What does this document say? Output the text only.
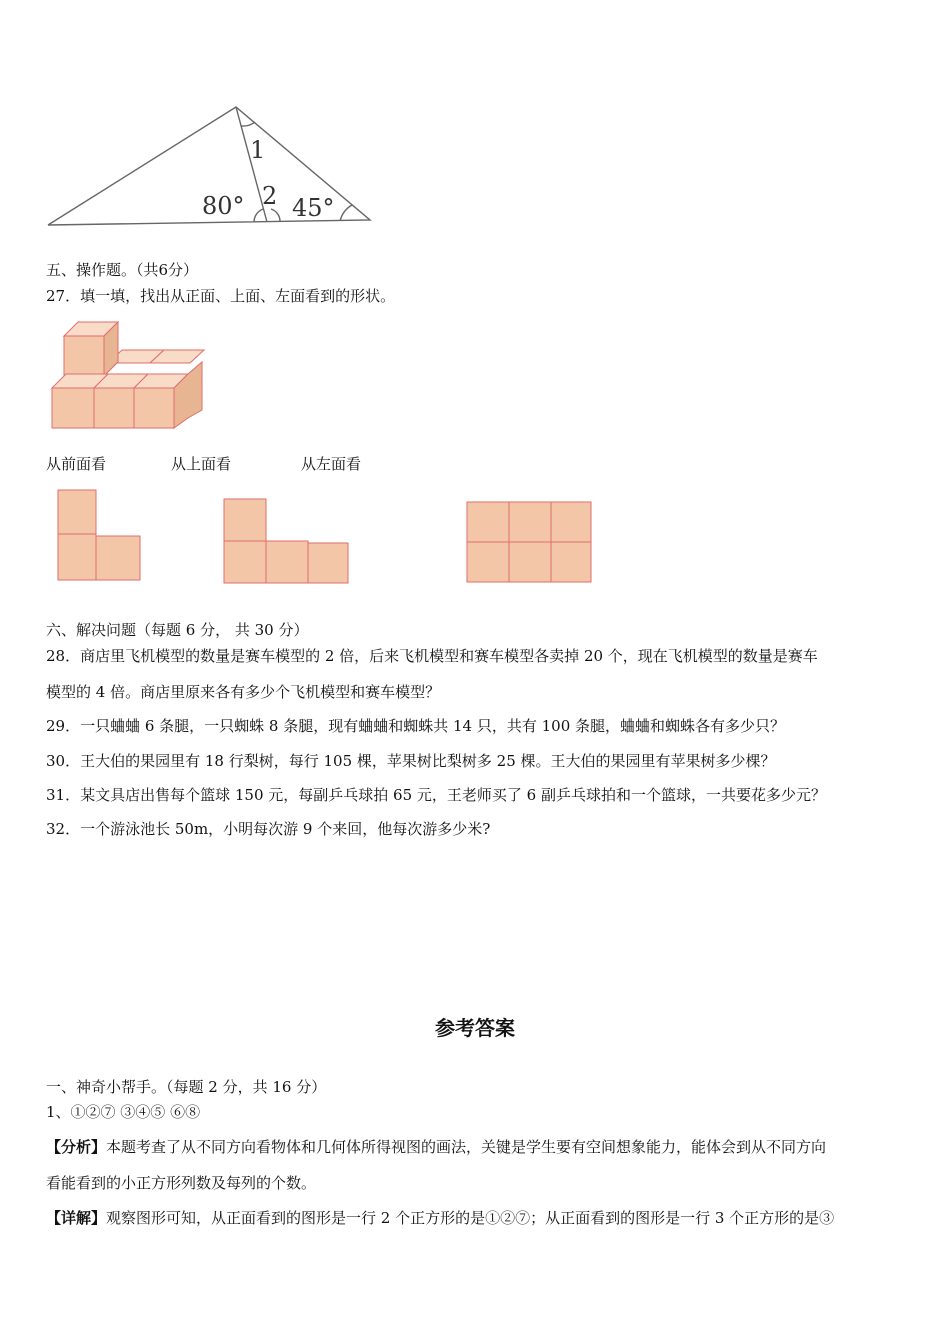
1
2
80° 45°
五、操作题。（共6分）
27．填一填，找出从正面、上面、左面看到的形状。
从前面看	从上面看	从左面看
六、解决问题（每题 6 分， 共 30 分）
28．商店里飞机模型的数量是赛车模型的 2 倍，后来飞机模型和赛车模型各卖掉 20 个，现在飞机模型的数量是赛车
模型的 4 倍。商店里原来各有多少个飞机模型和赛车模型？
29．一只蛐蛐 6 条腿，一只蜘蛛 8 条腿，现有蛐蛐和蜘蛛共 14 只，共有 100 条腿，蛐蛐和蜘蛛各有多少只？
30．王大伯的果园里有 18 行梨树，每行 105 棵，苹果树比梨树多 25 棵。王大伯的果园里有苹果树多少棵？
31．某文具店出售每个篮球 150 元，每副乒乓球拍 65 元，王老师买了 6 副乒乓球拍和一个篮球，一共要花多少元？
32．一个游泳池长 50m，小明每次游 9 个来回，他每次游多少米?
参考答案
一、神奇小帮手。（每题 2 分，共 16 分）
1、①②⑦ ③④⑤ ⑥⑧
【分析】本题考查了从不同方向看物体和几何体所得视图的画法，关键是学生要有空间想象能力，能体会到从不同方向
看能看到的小正方形列数及每列的个数。
【详解】观察图形可知，从正面看到的图形是一行 2 个正方形的是①②⑦；从正面看到的图形是一行 3 个正方形的是③
